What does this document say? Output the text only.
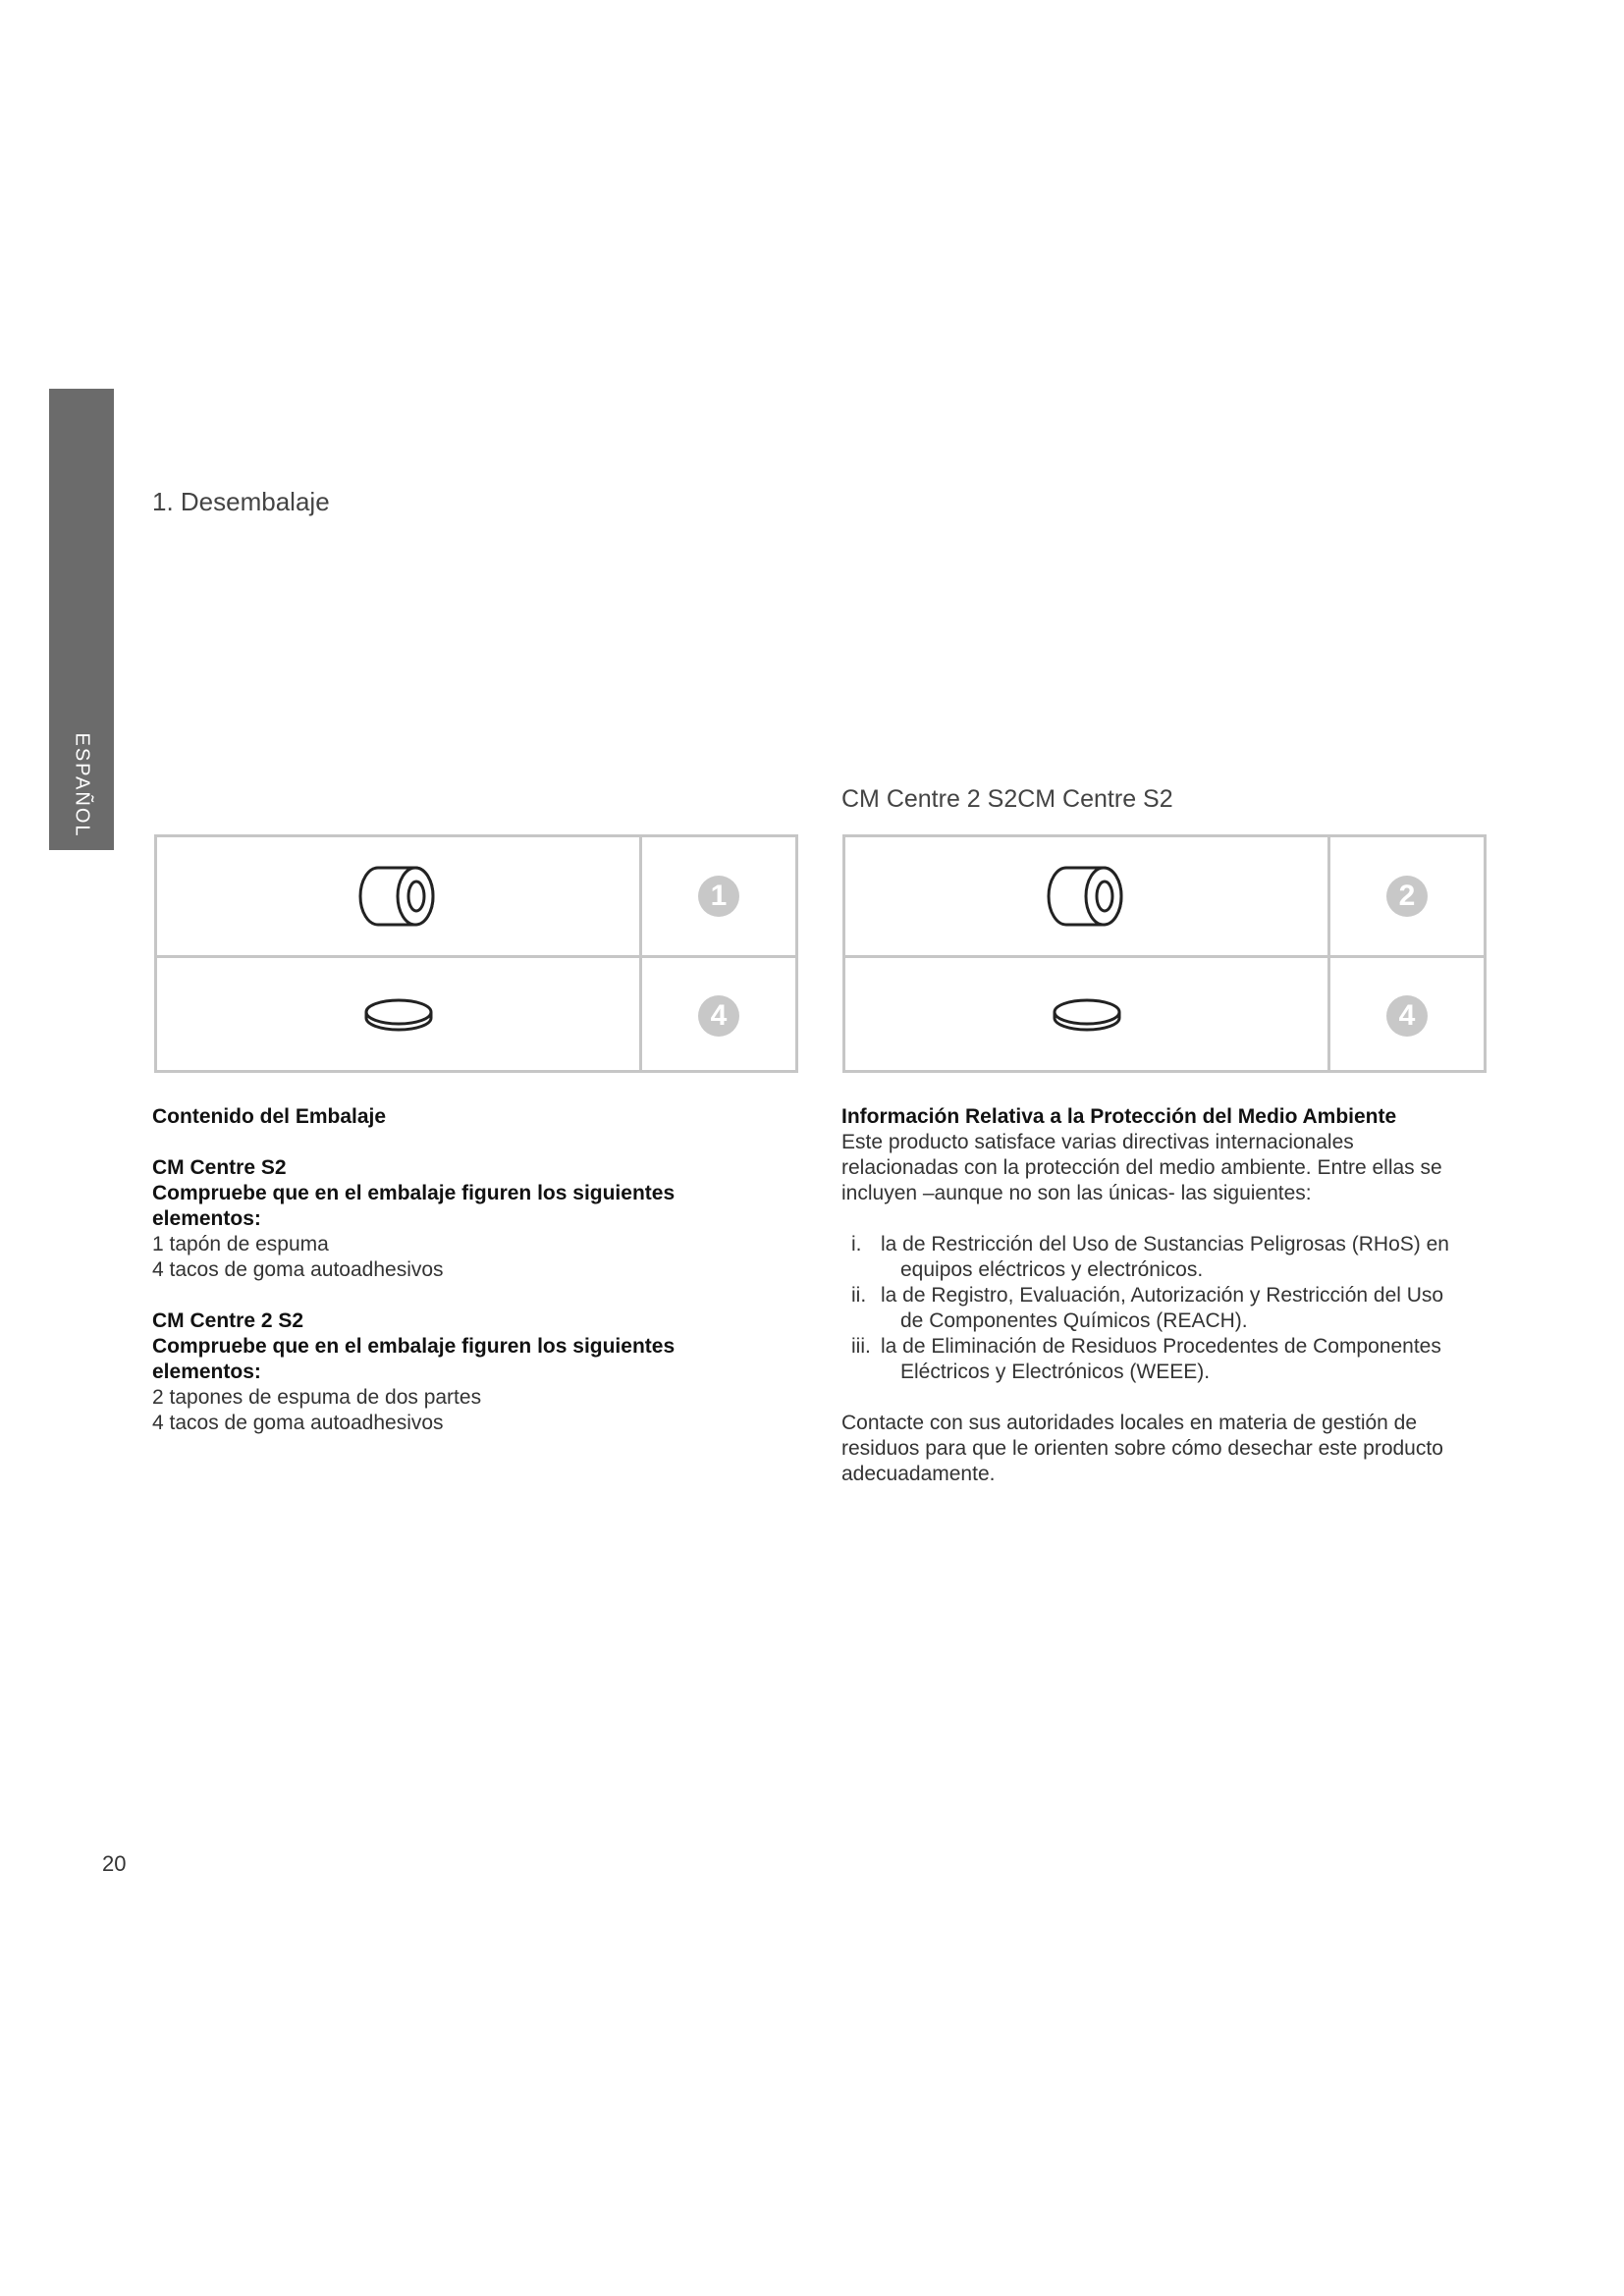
ESPAÑOL
1. Desembalaje
CM Centre 2 S2CM Centre S2
1
4
2
4

Contenido del Embalaje

CM Centre S2

Compruebe que en el embalaje figuren los siguientes

elementos:

1 tapón de espuma

4 tacos de goma autoadhesivos

CM Centre 2 S2

Compruebe que en el embalaje figuren los siguientes

elementos:

2 tapones de espuma de dos partes

4 tacos de goma autoadhesivos

Información Relativa a la Protección del Medio Ambiente

Este producto satisface varias directivas internacionales

relacionadas con la protección del medio ambiente. Entre ellas se

incluyen –aunque no son las únicas- las siguientes:

i. la de Restricción del Uso de Sustancias Peligrosas (RHoS) en
equipos eléctricos y electrónicos.
ii. la de Registro, Evaluación, Autorización y Restricción del Uso
de Componentes Químicos (REACH).
iii. la de Eliminación de Residuos Procedentes de Componentes
Eléctricos y Electrónicos (WEEE).

Contacte con sus autoridades locales en materia de gestión de

residuos para que le orienten sobre cómo desechar este producto

adecuadamente.

20
